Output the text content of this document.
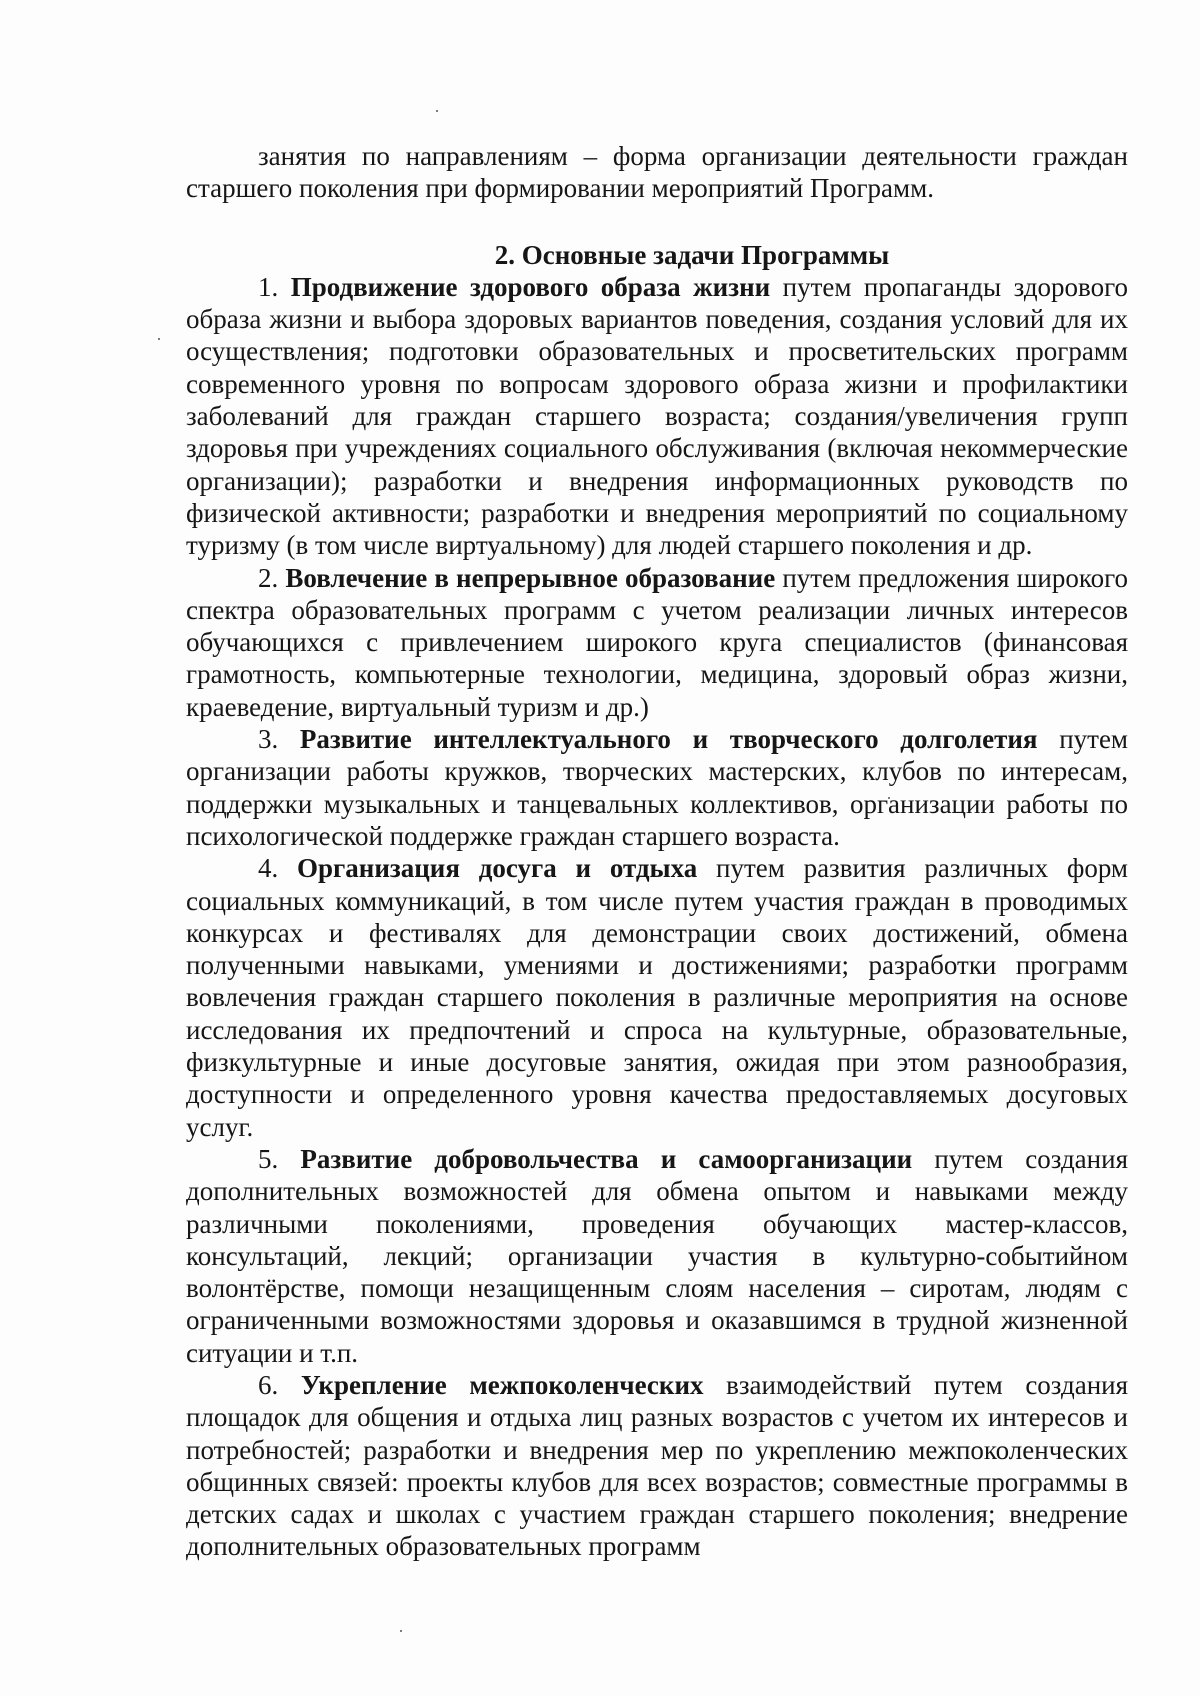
занятия по направлениям – форма организации деятельности граждан старшего поколения при формировании мероприятий Программ.

2. Основные задачи Программы

1. Продвижение здорового образа жизни путем пропаганды здорового образа жизни и выбора здоровых вариантов поведения, создания условий для их осуществления; подготовки образовательных и просветительских программ современного уровня по вопросам здорового образа жизни и профилактики заболеваний для граждан старшего возраста; создания/увеличения групп здоровья при учреждениях социального обслуживания (включая некоммерческие организации); разработки и внедрения информационных руководств по физической активности; разработки и внедрения мероприятий по социальному туризму (в том числе виртуальному) для людей старшего поколения и др.

2. Вовлечение в непрерывное образование путем предложения широкого спектра образовательных программ с учетом реализации личных интересов обучающихся с привлечением широкого круга специалистов (финансовая грамотность, компьютерные технологии, медицина, здоровый образ жизни, краеведение, виртуальный туризм и др.)

3. Развитие интеллектуального и творческого долголетия путем организации работы кружков, творческих мастерских, клубов по интересам, поддержки музыкальных и танцевальных коллективов, организации работы по психологической поддержке граждан старшего возраста.

4. Организация досуга и отдыха путем развития различных форм социальных коммуникаций, в том числе путем участия граждан в проводимых конкурсах и фестивалях для демонстрации своих достижений, обмена полученными навыками, умениями и достижениями; разработки программ вовлечения граждан старшего поколения в различные мероприятия на основе исследования их предпочтений и спроса на культурные, образовательные, физкультурные и иные досуговые занятия, ожидая при этом разнообразия, доступности и определенного уровня качества предоставляемых досуговых услуг.

5. Развитие добровольчества и самоорганизации путем создания дополнительных возможностей для обмена опытом и навыками между различными поколениями, проведения обучающих мастер-классов, консультаций, лекций; организации участия в культурно-событийном волонтёрстве, помощи незащищенным слоям населения – сиротам, людям с ограниченными возможностями здоровья и оказавшимся в трудной жизненной ситуации и т.п.

6. Укрепление межпоколенческих взаимодействий путем создания площадок для общения и отдыха лиц разных возрастов с учетом их интересов и потребностей; разработки и внедрения мер по укреплению межпоколенческих общинных связей: проекты клубов для всех возрастов; совместные программы в детских садах и школах с участием граждан старшего поколения; внедрение дополнительных образовательных программ
